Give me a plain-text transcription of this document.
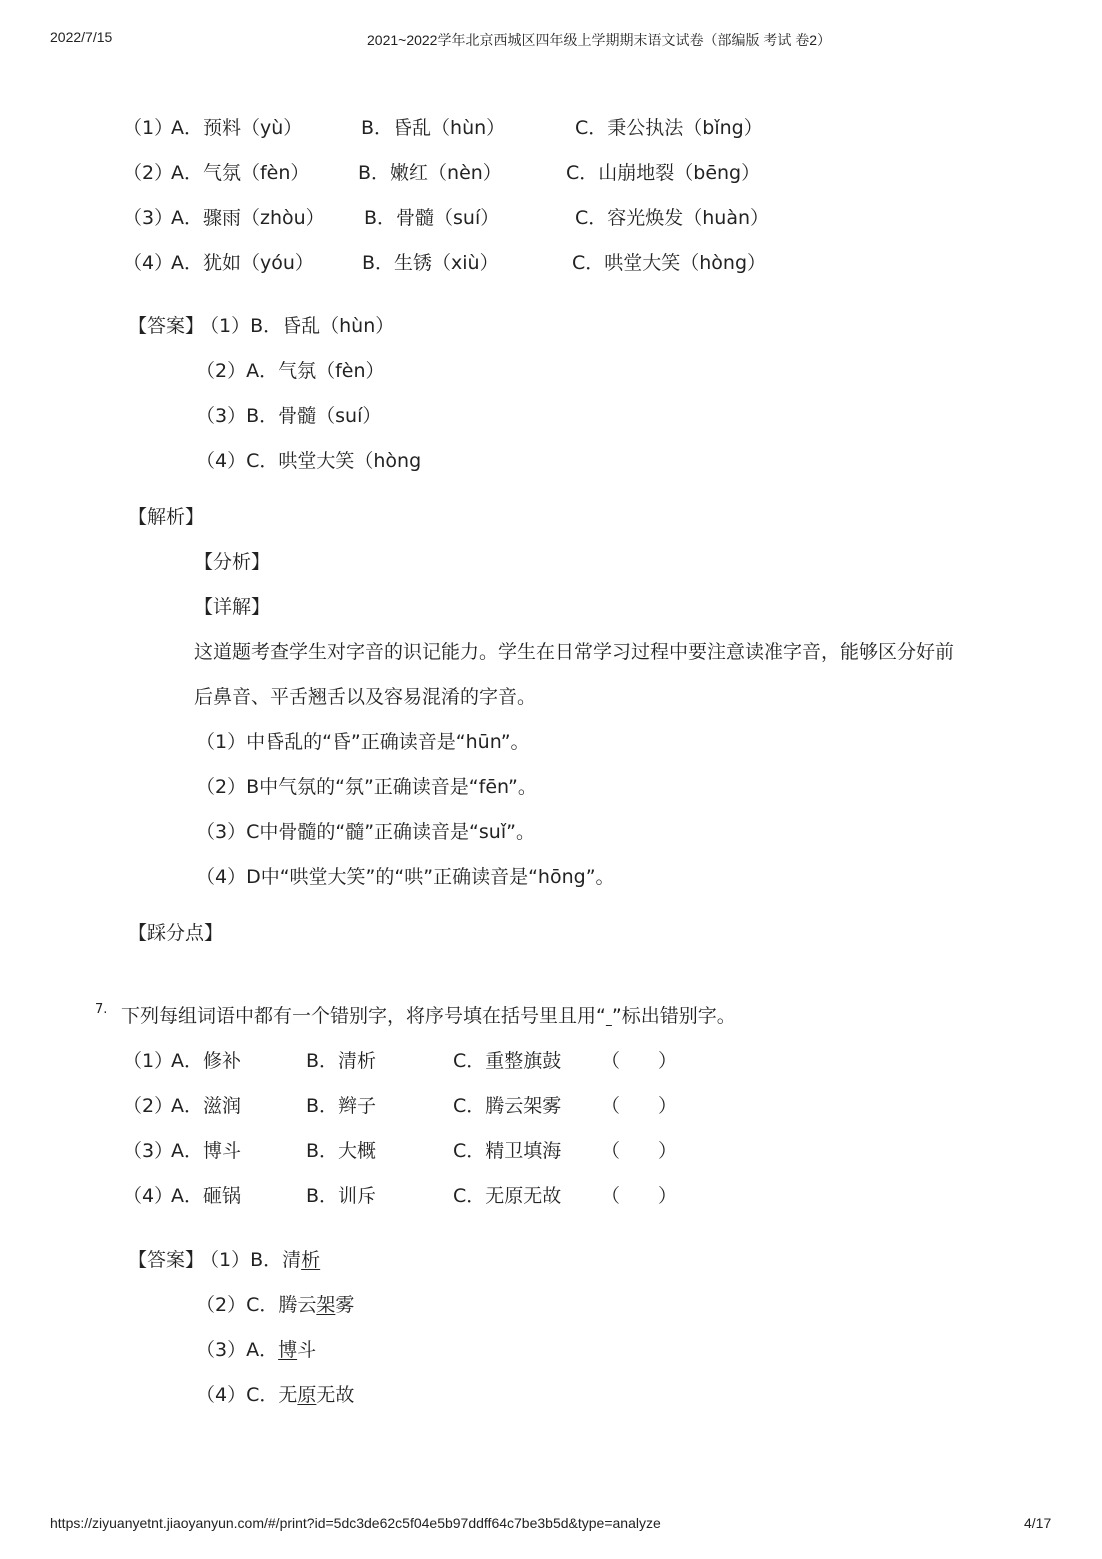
2022/7/15	2021~2022学年北京西城区四年级上学期期末语文试卷（部编版 考试 卷2）
（1）
A．预料（yù）	B．昏乱（hùn）	C．秉公执法（bǐng）
（2）
A．气氛（fèn）	B．嫩红（nèn）	C．山崩地裂（bēng）
（3）
A．骤雨（zhòu） B．骨髓（suí）	C．容光焕发（huàn）
（4）
A．犹如（yóu）	B．生锈（xiù）	C．哄堂大笑（hòng）
【答案】
（1）B．昏乱（hùn）
（2）A．气氛（fèn）
（3）B．骨髓（suí）
（4）C．哄堂大笑（hòng
【解析】
【分析】
【详解】
这道题考查学生对字音的识记能力。学生在日常学习过程中要注意读准字音，能够区分好前
后鼻音、平舌翘舌以及容易混淆的字音。
（1）中昏乱的“昏”正确读音是“hūn”。
（2）B中气氛的“氛”正确读音是“fēn”。
（3）C中骨髓的“髓”正确读音是“suǐ”。
（4）D中“哄堂大笑”的“哄”正确读音是“hōng”。
【踩分点】
7. 下列每组词语中都有一个错别字，将序号填在括号里且用“ ”标出错别字。
（1）
A．修补	B．清析	C．重整旗鼓 （　　）
（2）
A．滋润	B．辫子	C．腾云架雾 （　　）
（3）
A．博斗	B．大概	C．精卫填海 （　　）
（4）
A．砸锅	B．训斥	C．无原无故 （　　）
【答案】
（1）B．清析
（2）C．腾云架雾
（3）A．博斗
（4）C．无原无故
https://ziyuanyetnt.jiaoyanyun.com/#/print?id=5dc3de62c5f04e5b97ddff64c7be3b5d&type=analyze	4/17
